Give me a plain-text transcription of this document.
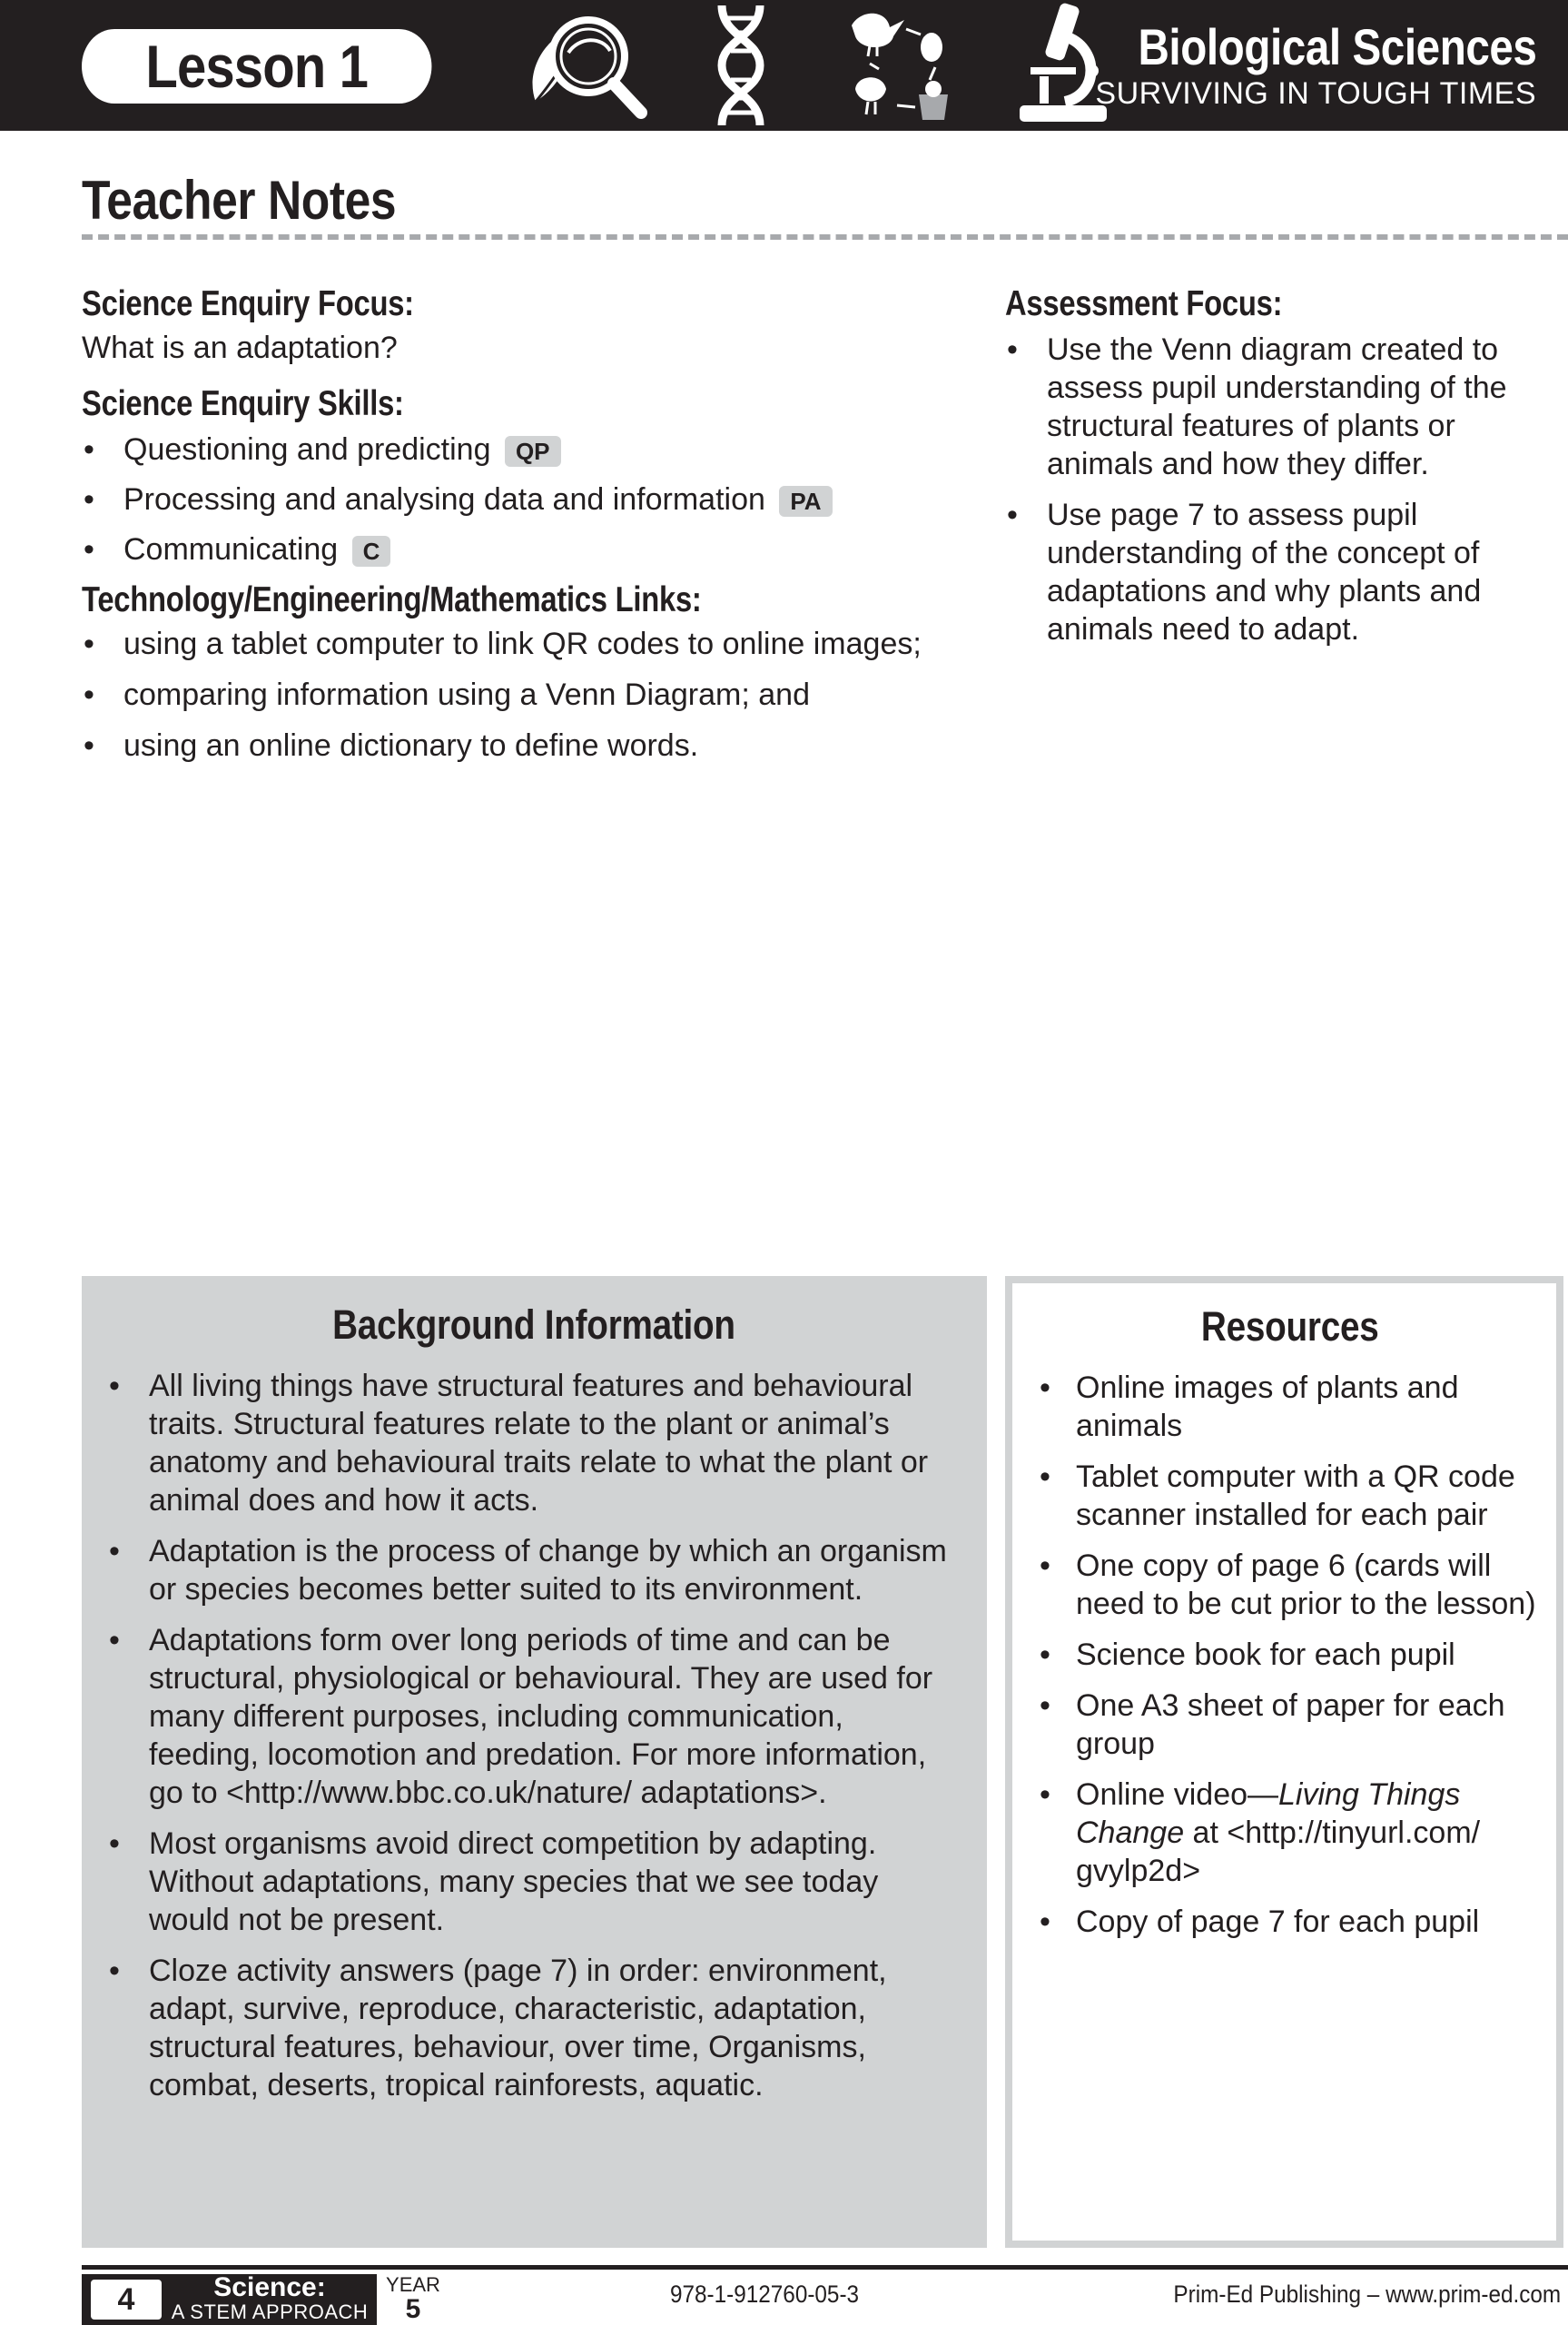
Lesson 1	Biological Sciences
SURVIVING IN TOUGH TIMES
Teacher Notes
Science Enquiry Focus:

What is an adaptation?

Science Enquiry Skills:
• Questioning and predicting QP
• Processing and analysing data and information PA
• Communicating C
Technology/Engineering/Mathematics Links:
• using a tablet computer to link QR codes to online images;
• comparing information using a Venn Diagram; and
• using an online dictionary to define words.
Assessment Focus:
• Use the Venn diagram created to assess pupil understanding of the structural features of plants or animals and how they differ.
• Use page 7 to assess pupil understanding of the concept of adaptations and why plants and animals need to adapt.
Background Information
• All living things have structural features and behavioural traits. Structural features relate to the plant or animal’s anatomy and behavioural traits relate to what the plant or animal does and how it acts.
• Adaptation is the process of change by which an organism or species becomes better suited to its environment.
• Adaptations form over long periods of time and can be structural, physiological or behavioural. They are used for many different purposes, including communication, feeding, locomotion and predation. For more information, go to <http://www.bbc.co.uk/nature/ adaptations>.
• Most organisms avoid direct competition by adapting. Without adaptations, many species that we see today would not be present.
• Cloze activity answers (page 7) in order: environment, adapt, survive, reproduce, characteristic, adaptation, structural features, behaviour, over time, Organisms, combat, deserts, tropical rainforests, aquatic.
Resources
• Online images of plants and animals
• Tablet computer with a QR code scanner installed for each pair
• One copy of page 6 (cards will need to be cut prior to the lesson)
• Science book for each pupil
• One A3 sheet of paper for each group
• Online video—Living Things Change at <http://tinyurl.com/ gvylp2d>
• Copy of page 7 for each pupil
4	Science:
A STEM APPROACH
YEAR
5	978-1-912760-05-3	Prim-Ed Publishing – www.prim-ed.com
